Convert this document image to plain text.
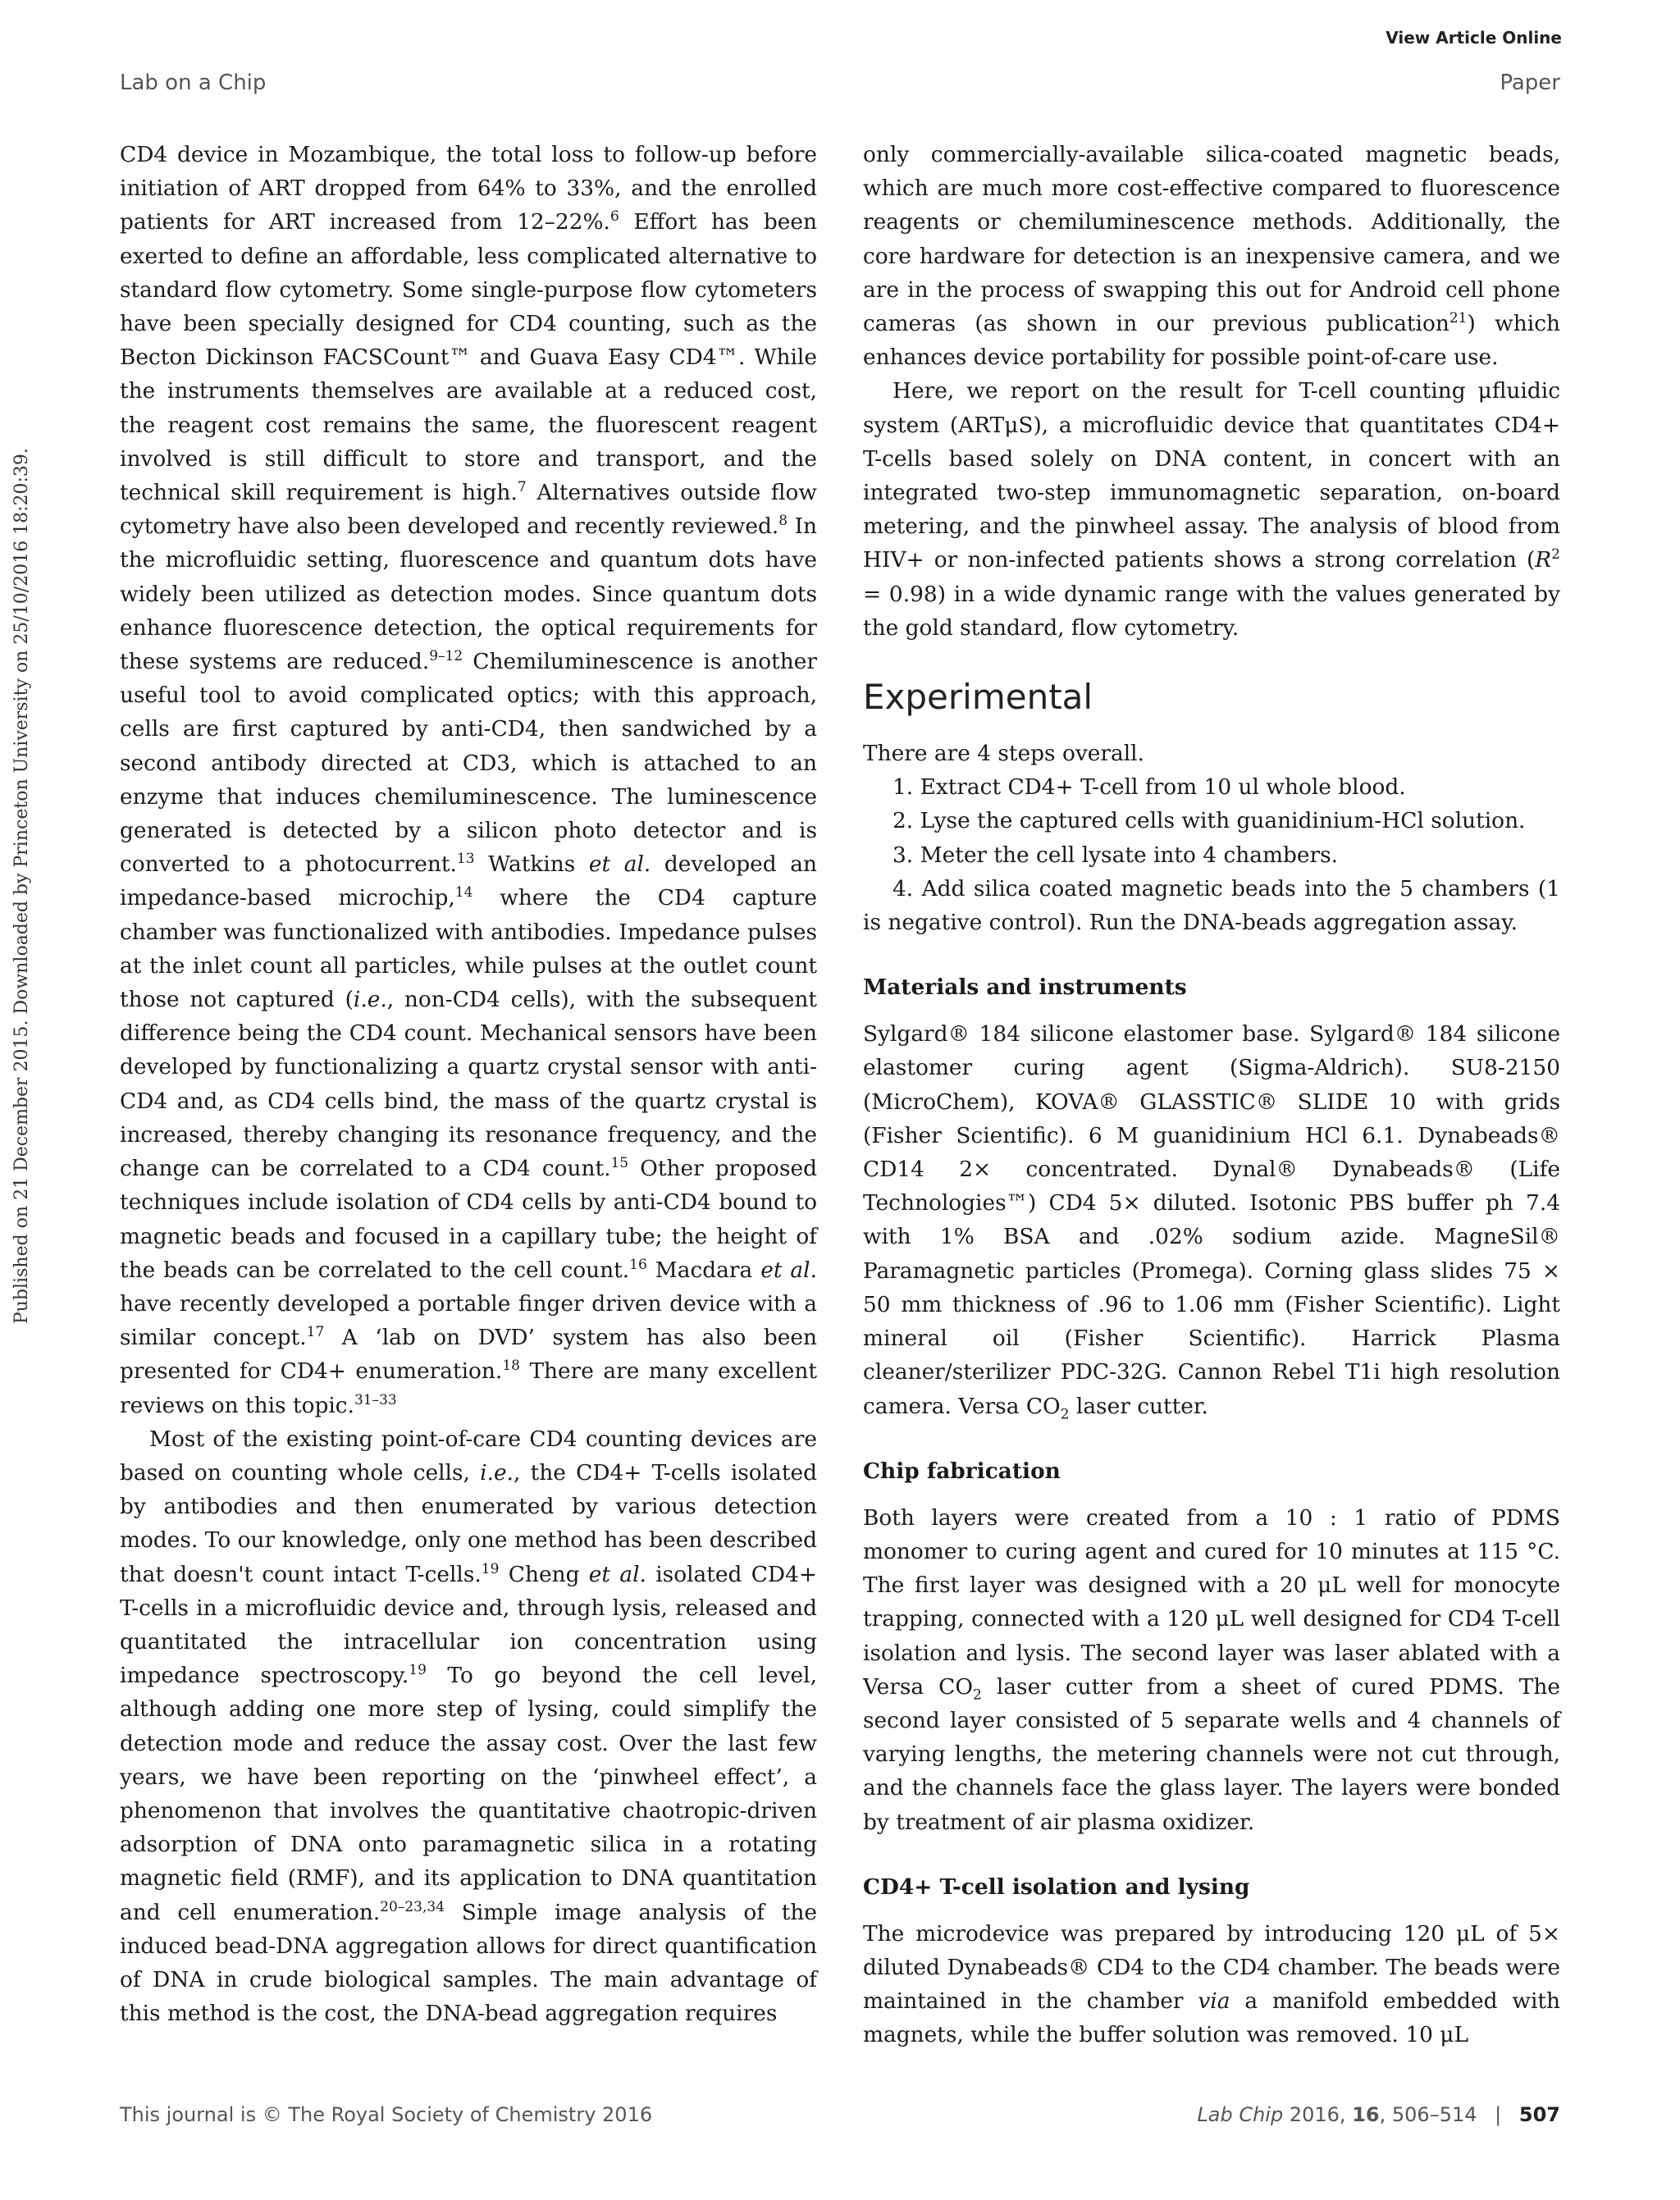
View Article Online
Lab on a Chip	Paper
Published on 21 December 2015. Downloaded by Princeton University on 25/10/2016 18:20:39.

CD4 device in Mozambique, the total loss to follow-up before initiation of ART dropped from 64% to 33%, and the enrolled patients for ART increased from 12–22%.$^6$ Effort has been exerted to define an affordable, less complicated alternative to standard flow cytometry. Some single-purpose flow cytometers have been specially designed for CD4 counting, such as the Becton Dickinson FACSCount™ and Guava Easy CD4™. While the instruments themselves are available at a reduced cost, the reagent cost remains the same, the fluorescent reagent involved is still difficult to store and transport, and the technical skill requirement is high.$^7$ Alternatives outside flow cytometry have also been developed and recently reviewed.$^8$ In the microfluidic setting, fluorescence and quantum dots have widely been utilized as detection modes. Since quantum dots enhance fluorescence detection, the optical requirements for these systems are reduced.$^{9-12}$ Chemiluminescence is another useful tool to avoid complicated optics; with this approach, cells are first captured by anti-CD4, then sandwiched by a second antibody directed at CD3, which is attached to an enzyme that induces chemiluminescence. The luminescence generated is detected by a silicon photo detector and is converted to a photocurrent.$^{13}$ Watkins et al. developed an impedance-based microchip,$^{14}$ where the CD4 capture chamber was functionalized with antibodies. Impedance pulses at the inlet count all particles, while pulses at the outlet count those not captured (i.e., non-CD4 cells), with the subsequent difference being the CD4 count. Mechanical sensors have been developed by functionalizing a quartz crystal sensor with anti-CD4 and, as CD4 cells bind, the mass of the quartz crystal is increased, thereby changing its resonance frequency, and the change can be correlated to a CD4 count.$^{15}$ Other proposed techniques include isolation of CD4 cells by anti-CD4 bound to magnetic beads and focused in a capillary tube; the height of the beads can be correlated to the cell count.$^{16}$ Macdara et al. have recently developed a portable finger driven device with a similar concept.$^{17}$ A ‘lab on DVD’ system has also been presented for CD4+ enumeration.$^{18}$ There are many excellent reviews on this topic.$^{31-33}$

Most of the existing point-of-care CD4 counting devices are based on counting whole cells, i.e., the CD4+ T-cells isolated by antibodies and then enumerated by various detection modes. To our knowledge, only one method has been described that doesn't count intact T-cells.$^{19}$ Cheng et al. isolated CD4+ T-cells in a microfluidic device and, through lysis, released and quantitated the intracellular ion concentration using impedance spectroscopy.$^{19}$ To go beyond the cell level, although adding one more step of lysing, could simplify the detection mode and reduce the assay cost. Over the last few years, we have been reporting on the ‘pinwheel effect’, a phenomenon that involves the quantitative chaotropic-driven adsorption of DNA onto paramagnetic silica in a rotating magnetic field (RMF), and its application to DNA quantitation and cell enumeration.$^{20-23,34}$ Simple image analysis of the induced bead-DNA aggregation allows for direct quantification of DNA in crude biological samples. The main advantage of this method is the cost, the DNA-bead aggregation requires

only commercially-available silica-coated magnetic beads, which are much more cost-effective compared to fluorescence reagents or chemiluminescence methods. Additionally, the core hardware for detection is an inexpensive camera, and we are in the process of swapping this out for Android cell phone cameras (as shown in our previous publication$^{21}$) which enhances device portability for possible point-of-care use.

Here, we report on the result for T-cell counting μfluidic system (ARTμS), a microfluidic device that quantitates CD4+ T-cells based solely on DNA content, in concert with an integrated two-step immunomagnetic separation, on-board metering, and the pinwheel assay. The analysis of blood from HIV+ or non-infected patients shows a strong correlation $(R^2 = 0.98)$ in a wide dynamic range with the values generated by the gold standard, flow cytometry.

Experimental

There are 4 steps overall.

1. Extract CD4+ T-cell from 10 ul whole blood.
2. Lyse the captured cells with guanidinium-HCl solution.
3. Meter the cell lysate into 4 chambers.
4. Add silica coated magnetic beads into the 5 chambers (1 is negative control). Run the DNA-beads aggregation assay.
Materials and instruments

Sylgard® 184 silicone elastomer base. Sylgard® 184 silicone elastomer curing agent (Sigma-Aldrich). SU8-2150 (MicroChem), KOVA® GLASSTIC® SLIDE 10 with grids (Fisher Scientific). 6 M guanidinium HCl 6.1. Dynabeads® CD14 2× concentrated. Dynal® Dynabeads® (Life Technologies™) CD4 5× diluted. Isotonic PBS buffer ph 7.4 with 1% BSA and .02% sodium azide. MagneSil® Paramagnetic particles (Promega). Corning glass slides 75 × 50 mm thickness of .96 to 1.06 mm (Fisher Scientific). Light mineral oil (Fisher Scientific). Harrick Plasma cleaner/sterilizer PDC-32G. Cannon Rebel T1i high resolution camera. Versa $CO_2$ laser cutter.

Chip fabrication

Both layers were created from a 10 : 1 ratio of PDMS monomer to curing agent and cured for 10 minutes at 115 °C. The first layer was designed with a 20 μL well for monocyte trapping, connected with a 120 μL well designed for CD4 T-cell isolation and lysis. The second layer was laser ablated with a Versa $CO_2$ laser cutter from a sheet of cured PDMS. The second layer consisted of 5 separate wells and 4 channels of varying lengths, the metering channels were not cut through, and the channels face the glass layer. The layers were bonded by treatment of air plasma oxidizer.

CD4+ T-cell isolation and lysing

The microdevice was prepared by introducing 120 μL of 5× diluted Dynabeads® CD4 to the CD4 chamber. The beads were maintained in the chamber via a manifold embedded with magnets, while the buffer solution was removed. 10 μL

This journal is © The Royal Society of Chemistry 2016	Lab Chip 2016, 16, 506–514 | 507
